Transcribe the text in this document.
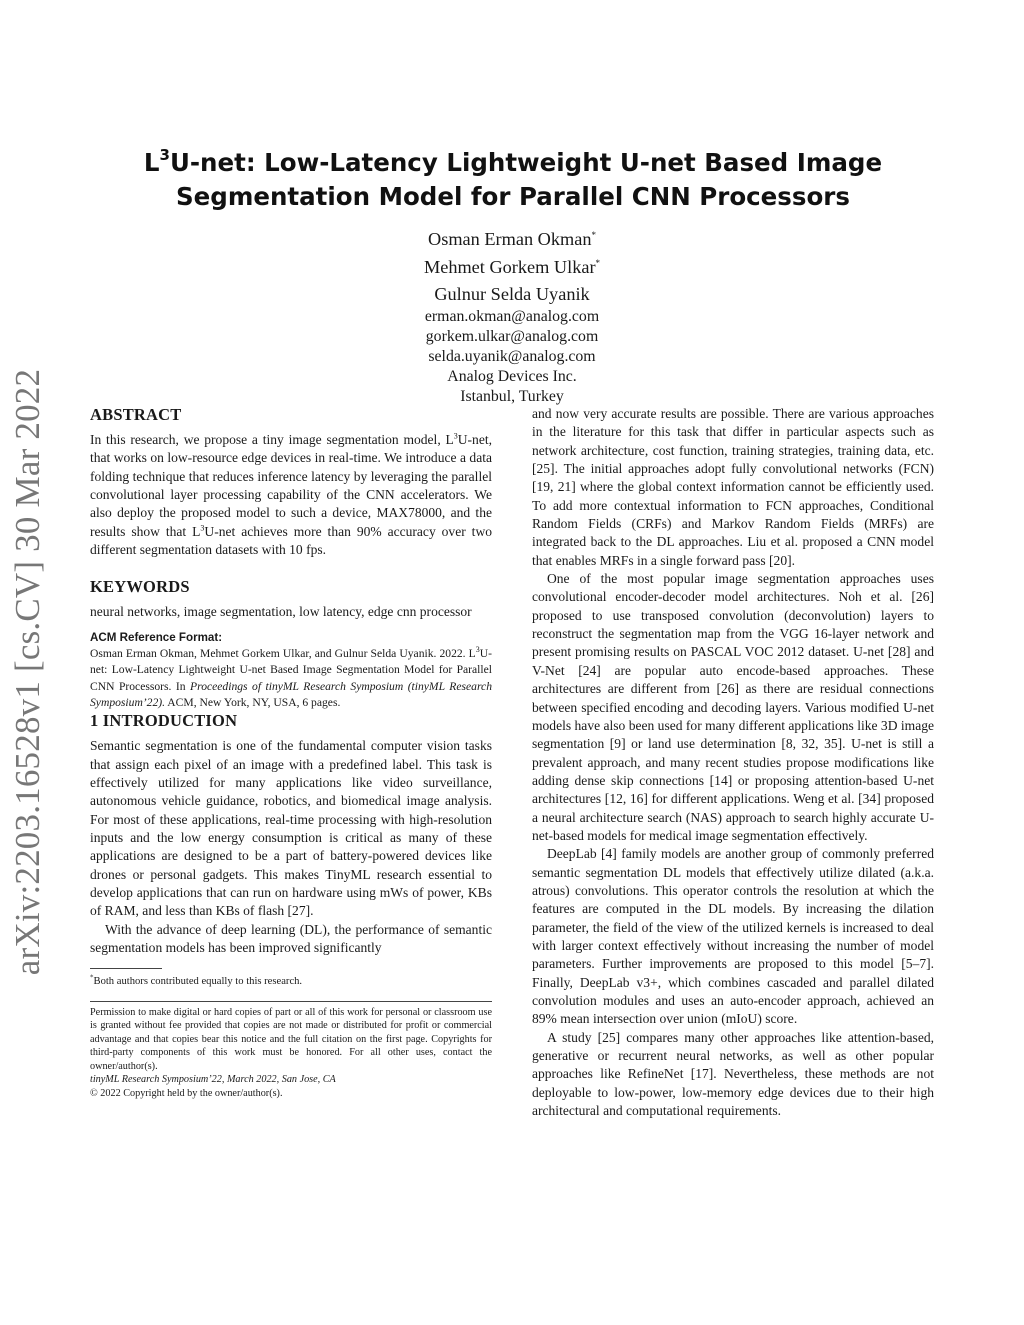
arXiv:2203.16528v1 [cs.CV] 30 Mar 2022
$L^3U$-net: Low-Latency Lightweight U-net Based Image
Segmentation Model for Parallel CNN Processors
Osman Erman Okman*
Mehmet Gorkem Ulkar*
Gulnur Selda Uyanik
erman.okman@analog.com
gorkem.ulkar@analog.com
selda.uyanik@analog.com
Analog Devices Inc.
Istanbul, Turkey
ABSTRACT

In this research, we propose a tiny image segmentation model, $L^3U$-net, that works on low-resource edge devices in real-time. We introduce a data folding technique that reduces inference latency by leveraging the parallel convolutional layer processing capability of the CNN accelerators. We also deploy the proposed model to such a device, MAX78000, and the results show that $L^3U$-net achieves more than 90% accuracy over two different segmentation datasets with 10 fps.

KEYWORDS

neural networks, image segmentation, low latency, edge cnn processor

ACM Reference Format:
Osman Erman Okman, Mehmet Gorkem Ulkar, and Gulnur Selda Uyanik. 2022. $L^3U$-net: Low-Latency Lightweight U-net Based Image Segmentation Model for Parallel CNN Processors. In Proceedings of tinyML Research Symposium (tinyML Research Symposium’22). ACM, New York, NY, USA, 6 pages.
1 INTRODUCTION

Semantic segmentation is one of the fundamental computer vision tasks that assign each pixel of an image with a predefined label. This task is effectively utilized for many applications like video surveillance, autonomous vehicle guidance, robotics, and biomedical image analysis. For most of these applications, real-time processing with high-resolution inputs and the low energy consumption is critical as many of these applications are designed to be a part of battery-powered devices like drones or personal gadgets. This makes TinyML research essential to develop applications that can run on hardware using mWs of power, KBs of RAM, and less than KBs of flash [27].

With the advance of deep learning (DL), the performance of semantic segmentation models has been improved significantly

*Both authors contributed equally to this research.
Permission to make digital or hard copies of part or all of this work for personal or classroom use is granted without fee provided that copies are not made or distributed for profit or commercial advantage and that copies bear this notice and the full citation on the first page. Copyrights for third-party components of this work must be honored. For all other uses, contact the owner/author(s).
tinyML Research Symposium’22, March 2022, San Jose, CA
© 2022 Copyright held by the owner/author(s).

and now very accurate results are possible. There are various approaches in the literature for this task that differ in particular aspects such as network architecture, cost function, training strategies, training data, etc. [25]. The initial approaches adopt fully convolutional networks (FCN) [19, 21] where the global context information cannot be efficiently used. To add more contextual information to FCN approaches, Conditional Random Fields (CRFs) and Markov Random Fields (MRFs) are integrated back to the DL approaches. Liu et al. proposed a CNN model that enables MRFs in a single forward pass [20].

One of the most popular image segmentation approaches uses convolutional encoder-decoder model architectures. Noh et al. [26] proposed to use transposed convolution (deconvolution) layers to reconstruct the segmentation map from the VGG 16-layer network and present promising results on PASCAL VOC 2012 dataset. U-net [28] and V-Net [24] are popular auto encode-based approaches. These architectures are different from [26] as there are residual connections between specified encoding and decoding layers. Various modified U-net models have also been used for many different applications like 3D image segmentation [9] or land use determination [8, 32, 35]. U-net is still a prevalent approach, and many recent studies propose modifications like adding dense skip connections [14] or proposing attention-based U-net architectures [12, 16] for different applications. Weng et al. [34] proposed a neural architecture search (NAS) approach to search highly accurate U-net-based models for medical image segmentation effectively.

DeepLab [4] family models are another group of commonly preferred semantic segmentation DL models that effectively utilize dilated (a.k.a. atrous) convolutions. This operator controls the resolution at which the features are computed in the DL models. By increasing the dilation parameter, the field of the view of the utilized kernels is increased to deal with larger context effectively without increasing the number of model parameters. Further improvements are proposed to this model [5–7]. Finally, DeepLab v3+, which combines cascaded and parallel dilated convolution modules and uses an auto-encoder approach, achieved an 89% mean intersection over union (mIoU) score.

A study [25] compares many other approaches like attention-based, generative or recurrent neural networks, as well as other popular approaches like RefineNet [17]. Nevertheless, these methods are not deployable to low-power, low-memory edge devices due to their high architectural and computational requirements.
